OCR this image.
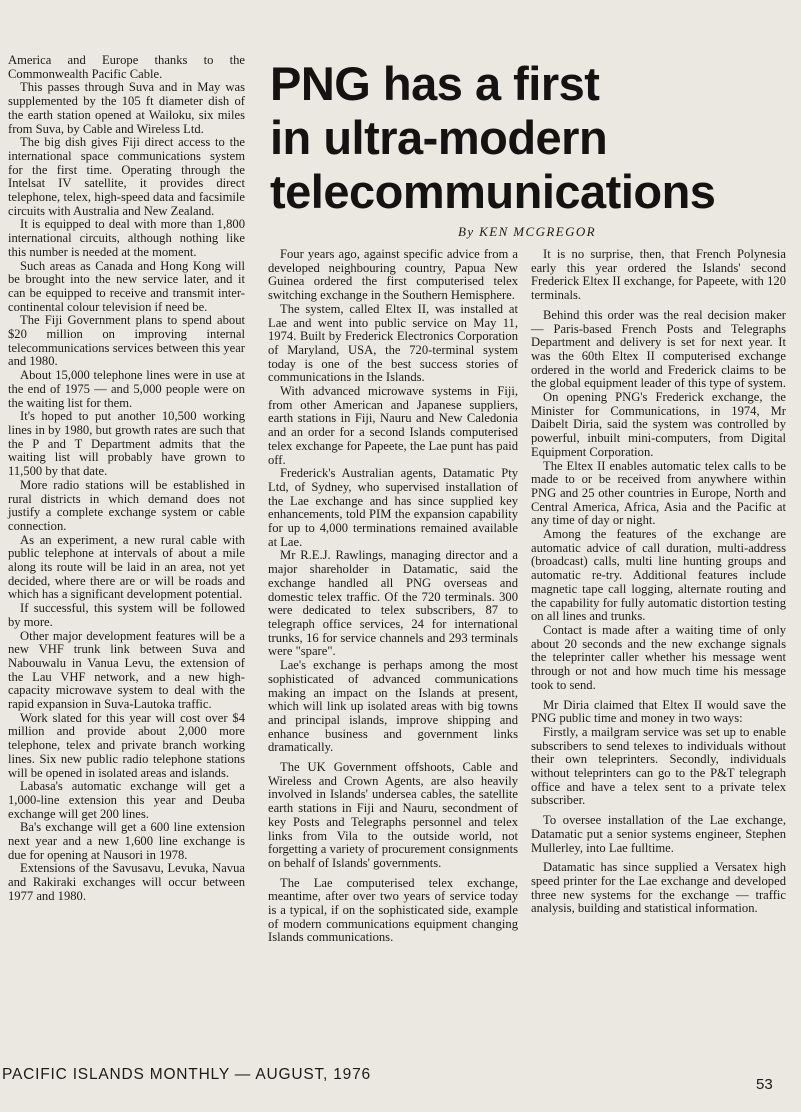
America and Europe thanks to the Commonwealth Pacific Cable.

This passes through Suva and in May was supplemented by the 105 ft diameter dish of the earth station opened at Wailoku, six miles from Suva, by Cable and Wireless Ltd.

The big dish gives Fiji direct access to the international space communications system for the first time. Operating through the Intelsat IV satellite, it provides direct telephone, telex, high-speed data and facsimile circuits with Australia and New Zealand.

It is equipped to deal with more than 1,800 international circuits, although nothing like this number is needed at the moment.

Such areas as Canada and Hong Kong will be brought into the new service later, and it can be equipped to receive and transmit inter-continental colour television if need be.

The Fiji Government plans to spend about $20 million on improving internal telecommunications services between this year and 1980.

About 15,000 telephone lines were in use at the end of 1975 — and 5,000 people were on the waiting list for them.

It's hoped to put another 10,500 working lines in by 1980, but growth rates are such that the P and T Department admits that the waiting list will probably have grown to 11,500 by that date.

More radio stations will be established in rural districts in which demand does not justify a complete exchange system or cable connection.

As an experiment, a new rural cable with public telephone at intervals of about a mile along its route will be laid in an area, not yet decided, where there are or will be roads and which has a significant development potential.

If successful, this system will be followed by more.

Other major development features will be a new VHF trunk link between Suva and Nabouwalu in Vanua Levu, the extension of the Lau VHF network, and a new high-capacity microwave system to deal with the rapid expansion in Suva-Lautoka traffic.

Work slated for this year will cost over $4 million and provide about 2,000 more telephone, telex and private branch working lines. Six new public radio telephone stations will be opened in isolated areas and islands.

Labasa's automatic exchange will get a 1,000-line extension this year and Deuba exchange will get 200 lines.

Ba's exchange will get a 600 line extension next year and a new 1,600 line exchange is due for opening at Nausori in 1978.

Extensions of the Savusavu, Levuka, Navua and Rakiraki exchanges will occur between 1977 and 1980.

PNG has a first
in ultra-modern
telecommunications
By KEN MCGREGOR

Four years ago, against specific advice from a developed neighbouring country, Papua New Guinea ordered the first computerised telex switching exchange in the Southern Hemisphere.

The system, called Eltex II, was installed at Lae and went into public service on May 11, 1974. Built by Frederick Electronics Corporation of Maryland, USA, the 720-terminal system today is one of the best success stories of communications in the Islands.

With advanced microwave systems in Fiji, from other American and Japanese suppliers, earth stations in Fiji, Nauru and New Caledonia and an order for a second Islands computerised telex exchange for Papeete, the Lae punt has paid off.

Frederick's Australian agents, Datamatic Pty Ltd, of Sydney, who supervised installation of the Lae exchange and has since supplied key enhancements, told PIM the expansion capability for up to 4,000 terminations remained available at Lae.

Mr R.E.J. Rawlings, managing director and a major shareholder in Datamatic, said the exchange handled all PNG overseas and domestic telex traffic. Of the 720 terminals. 300 were dedicated to telex subscribers, 87 to telegraph office services, 24 for international trunks, 16 for service channels and 293 terminals were "spare".

Lae's exchange is perhaps among the most sophisticated of advanced communications making an impact on the Islands at present, which will link up isolated areas with big towns and principal islands, improve shipping and enhance business and government links dramatically.

The UK Government offshoots, Cable and Wireless and Crown Agents, are also heavily involved in Islands' undersea cables, the satellite earth stations in Fiji and Nauru, secondment of key Posts and Telegraphs personnel and telex links from Vila to the outside world, not forgetting a variety of procurement consignments on behalf of Islands' governments.

The Lae computerised telex exchange, meantime, after over two years of service today is a typical, if on the sophisticated side, example of modern communications equipment changing Islands communications.

It is no surprise, then, that French Polynesia early this year ordered the Islands' second Frederick Eltex II exchange, for Papeete, with 120 terminals.

Behind this order was the real decision maker — Paris-based French Posts and Telegraphs Department and delivery is set for next year. It was the 60th Eltex II computerised exchange ordered in the world and Frederick claims to be the global equipment leader of this type of system.

On opening PNG's Frederick exchange, the Minister for Communications, in 1974, Mr Daibelt Diria, said the system was controlled by powerful, inbuilt mini-computers, from Digital Equipment Corporation.

The Eltex II enables automatic telex calls to be made to or be received from anywhere within PNG and 25 other countries in Europe, North and Central America, Africa, Asia and the Pacific at any time of day or night.

Among the features of the exchange are automatic advice of call duration, multi-address (broadcast) calls, multi line hunting groups and automatic re-try. Additional features include magnetic tape call logging, alternate routing and the capability for fully automatic distortion testing on all lines and trunks.

Contact is made after a waiting time of only about 20 seconds and the new exchange signals the teleprinter caller whether his message went through or not and how much time his message took to send.

Mr Diria claimed that Eltex II would save the PNG public time and money in two ways:

Firstly, a mailgram service was set up to enable subscribers to send telexes to individuals without their own teleprinters. Secondly, individuals without teleprinters can go to the P&T telegraph office and have a telex sent to a private telex subscriber.

To oversee installation of the Lae exchange, Datamatic put a senior systems engineer, Stephen Mullerley, into Lae fulltime.

Datamatic has since supplied a Versatex high speed printer for the Lae exchange and developed three new systems for the exchange — traffic analysis, building and statistical information.

PACIFIC ISLANDS MONTHLY — AUGUST, 1976
53
